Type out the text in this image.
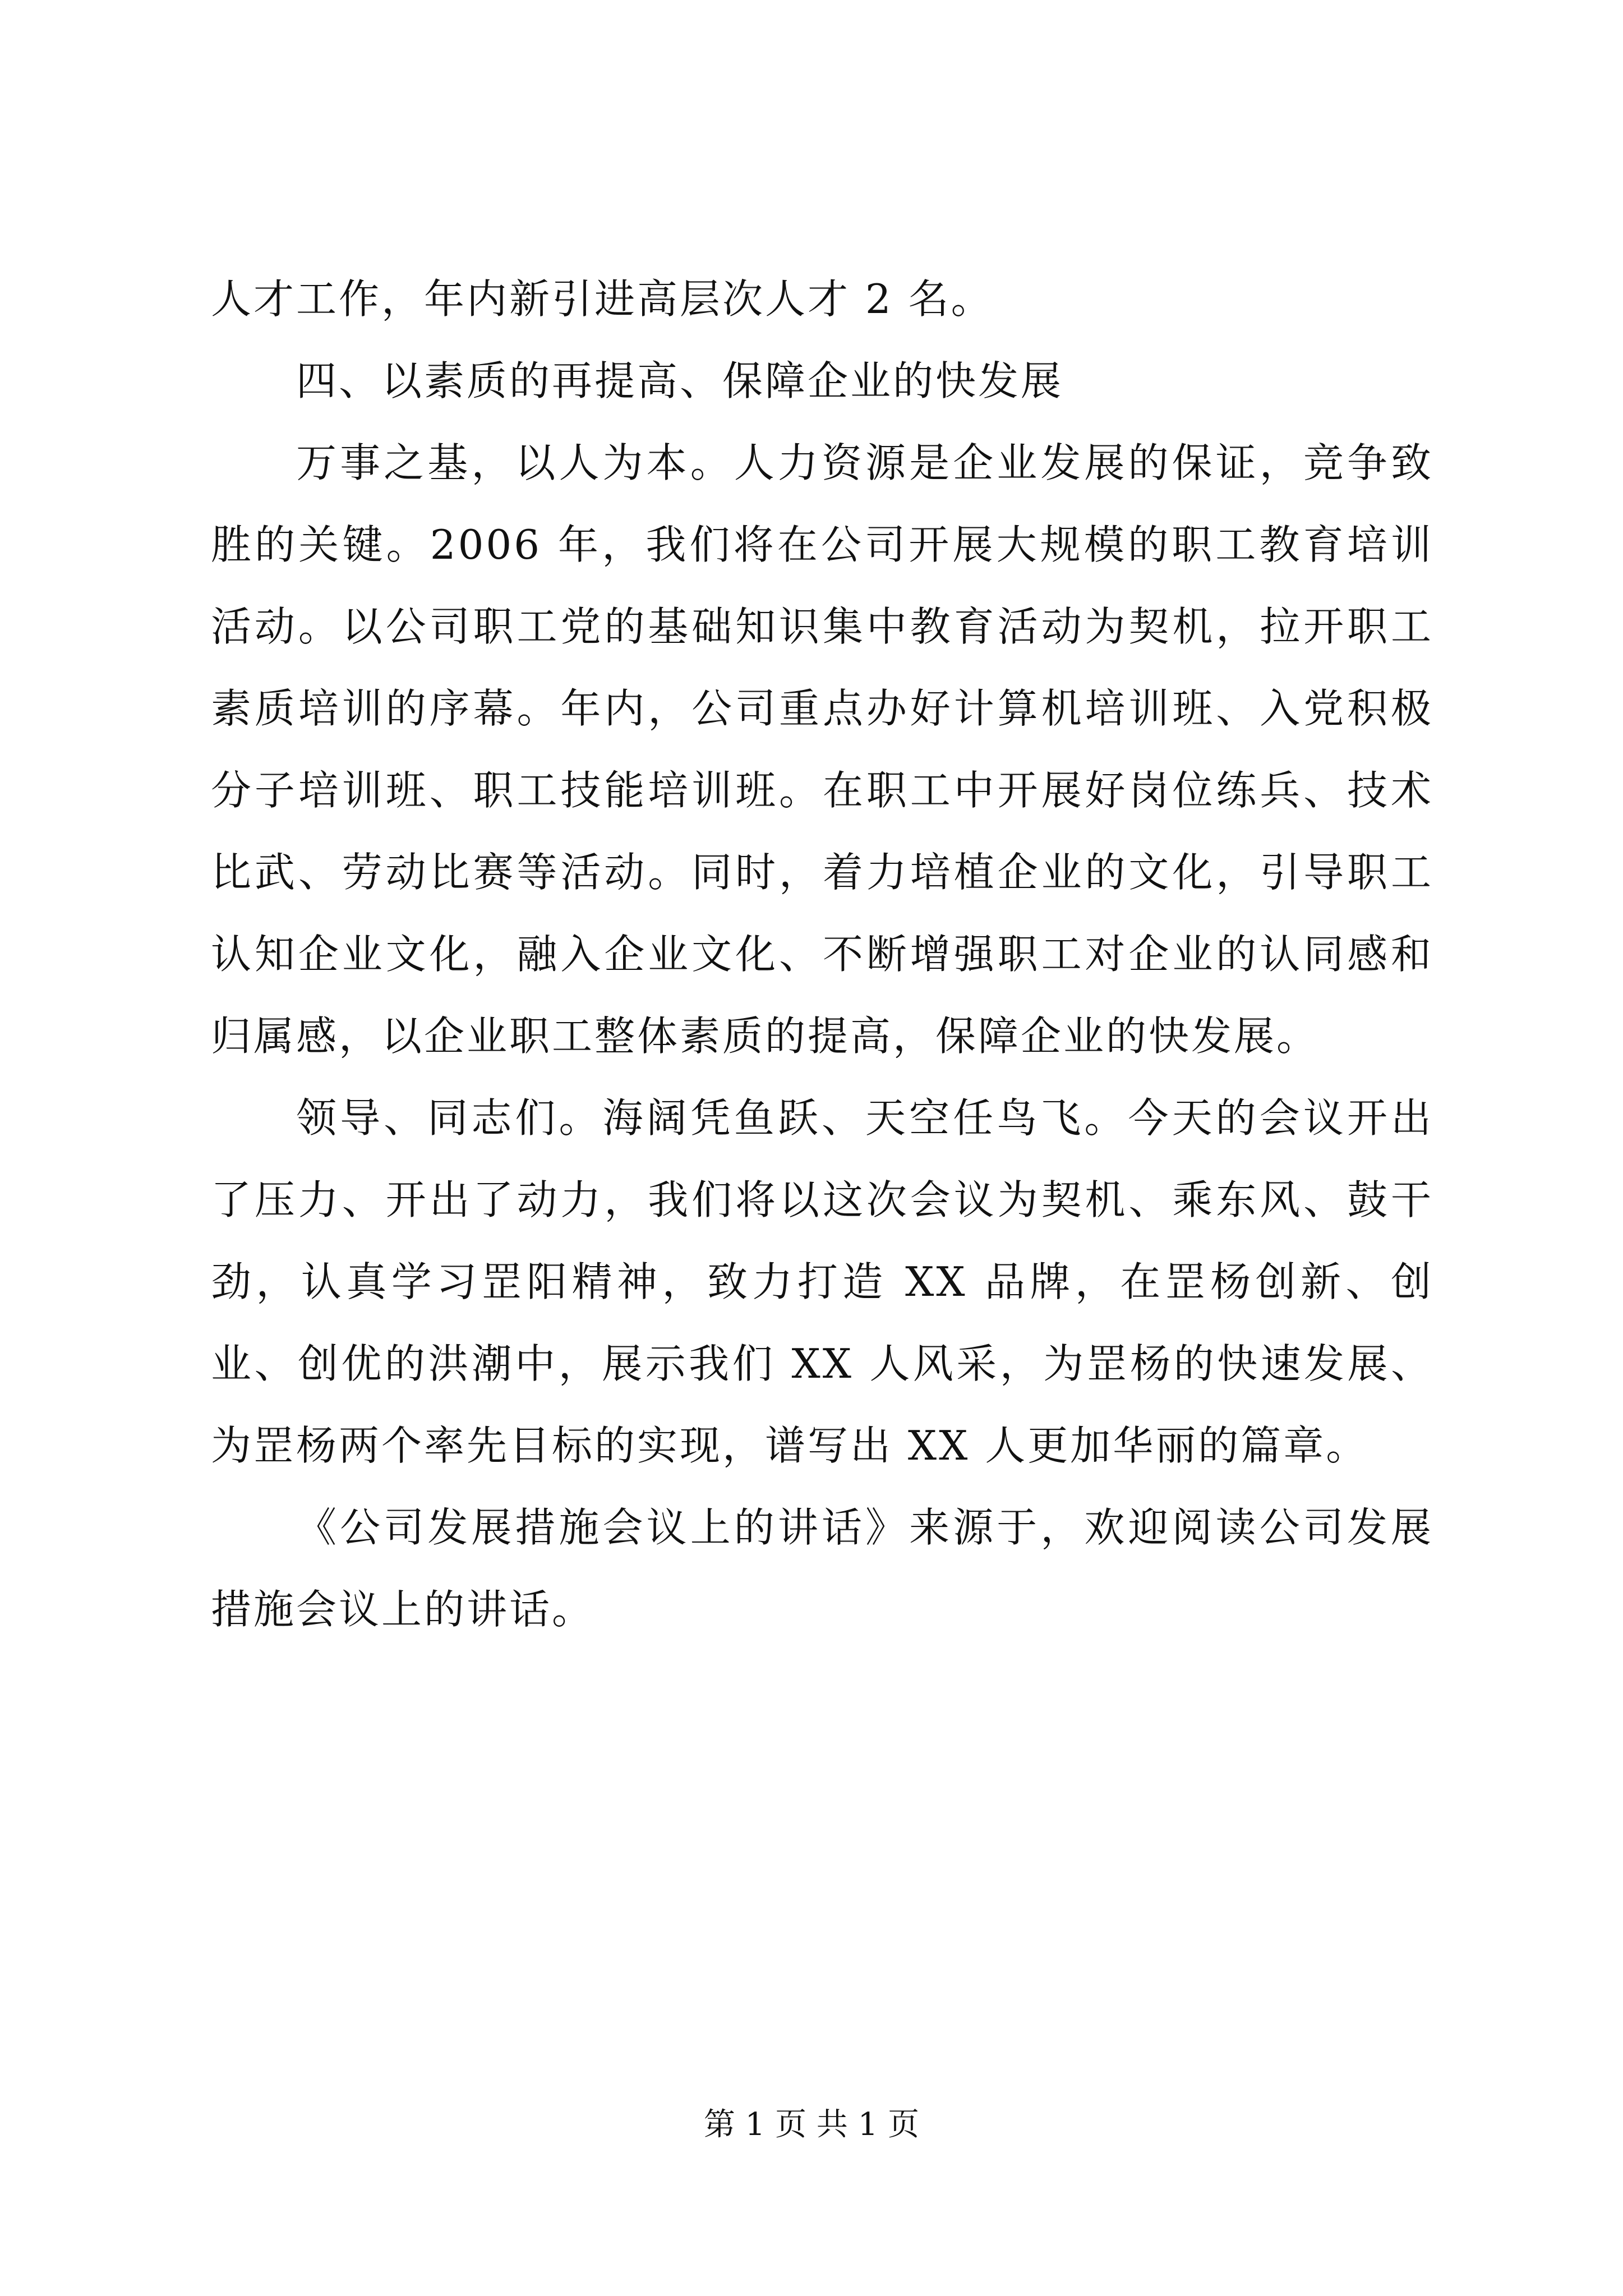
人才工作，年内新引进高层次人才 2 名。

四、以素质的再提高、保障企业的快发展

万事之基，以人为本。人力资源是企业发展的保证，竞争致胜的关键。2006 年，我们将在公司开展大规模的职工教育培训活动。以公司职工党的基础知识集中教育活动为契机，拉开职工素质培训的序幕。年内，公司重点办好计算机培训班、入党积极分子培训班、职工技能培训班。在职工中开展好岗位练兵、技术比武、劳动比赛等活动。同时，着力培植企业的文化，引导职工认知企业文化，融入企业文化、不断增强职工对企业的认同感和归属感，以企业职工整体素质的提高，保障企业的快发展。

领导、同志们。海阔凭鱼跃、天空任鸟飞。今天的会议开出了压力、开出了动力，我们将以这次会议为契机、乘东风、鼓干劲，认真学习罡阳精神，致力打造 XX 品牌，在罡杨创新、创业、创优的洪潮中，展示我们 XX 人风采，为罡杨的快速发展、为罡杨两个率先目标的实现，谱写出 XX 人更加华丽的篇章。

《公司发展措施会议上的讲话》来源于，欢迎阅读公司发展措施会议上的讲话。

第 1 页 共 1 页
